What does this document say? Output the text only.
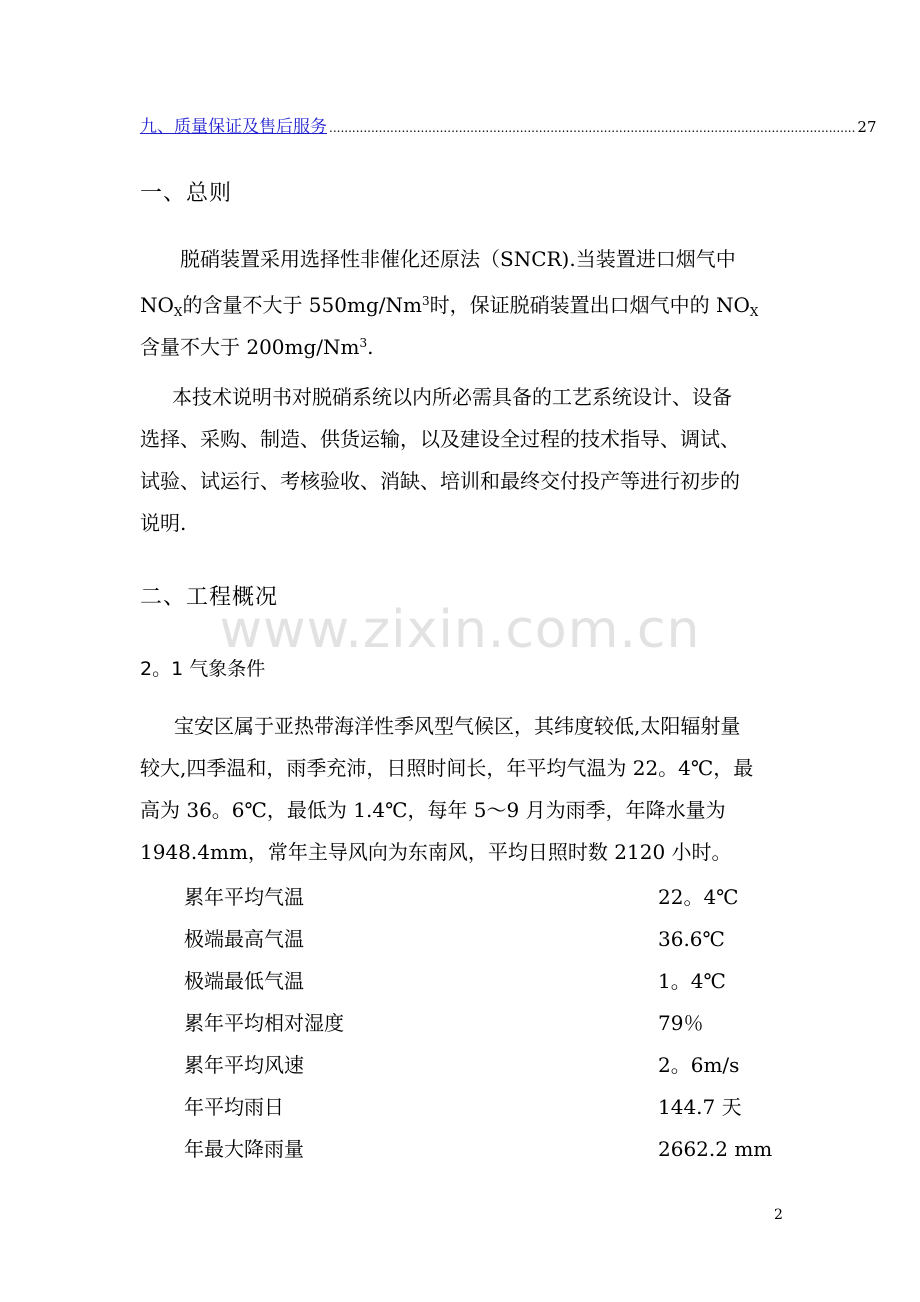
九、质量保证及售后服务 .......................................................................................................................................... 27
一、总则
脱硝装置采用选择性非催化还原法（SNCR).当装置进口烟气中
$NO_X$的含量不大于 550mg/Nm$^3$时，保证脱硝装置出口烟气中的 $NO_X$
含量不大于 200mg/Nm$^3$.
本技术说明书对脱硝系统以内所必需具备的工艺系统设计、设备
选择、采购、制造、供货运输，以及建设全过程的技术指导、调试、
试验、试运行、考核验收、消缺、培训和最终交付投产等进行初步的
说明.
二、工程概况
www.zixin.com.cn
2。1 气象条件
宝安区属于亚热带海洋性季风型气候区，其纬度较低,太阳辐射量
较大,四季温和，雨季充沛，日照时间长，年平均气温为 22。4℃，最
高为 36。6℃，最低为 1.4℃，每年 5～9 月为雨季，年降水量为
1948.4mm，常年主导风向为东南风，平均日照时数 2120 小时。
累年平均气温	22。4℃
极端最高气温	36.6℃
极端最低气温	1。4℃
累年平均相对湿度	79％
累年平均风速	2。6m/s
年平均雨日	144.7 天
年最大降雨量	2662.2 mm
2
